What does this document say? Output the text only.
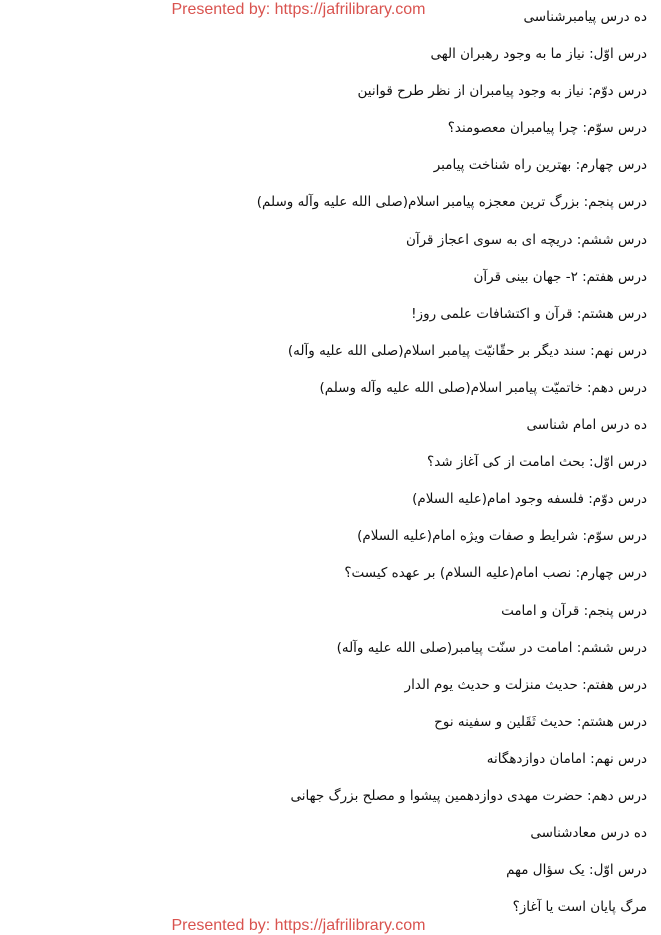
Presented by: https://jafrilibrary.com	ده درس پیامبرشناسی
درس اوّل: نیاز ما به وجود رهبران الهی
درس دوّم: نیاز به وجود پیامبران از نظر طرح قوانین
درس سوّم: چرا پیامبران معصومند؟
درس چهارم: بهترین راه شناخت پیامبر
درس پنجم: بزرگ ترین معجزه پیامبر اسلام(صلی الله علیه وآله وسلم)
درس ششم: دریچه ای به سوی اعجاز قرآن
درس هفتم: ۲- جهان بینی قرآن
درس هشتم: قرآن و اکتشافات علمی روز!
درس نهم: سند دیگر بر حقّانیّت پیامبر اسلام(صلی الله علیه وآله)
درس دهم: خاتمیّت پیامبر اسلام(صلی الله علیه وآله وسلم)
ده درس امام شناسی
درس اوّل: بحث امامت از کی آغاز شد؟
درس دوّم: فلسفه وجود امام(علیه السلام)
درس سوّم: شرایط و صفات ویژه امام(علیه السلام)
درس چهارم: نصب امام(علیه السلام) بر عهده کیست؟
درس پنجم: قرآن و امامت
درس ششم: امامت در سنّت پیامبر(صلی الله علیه وآله)
درس هفتم: حدیث منزلت و حدیث یوم الدار
درس هشتم: حدیث ثَقَلین و سفینه نوح
درس نهم: امامان دوازدهگانه
درس دهم: حضرت مهدی دوازدهمین پیشوا و مصلح بزرگ جهانی
ده درس معادشناسی
درس اوّل: یک سؤال مهم
مرگ پایان است یا آغاز؟
Presented by: https://jafrilibrary.com
